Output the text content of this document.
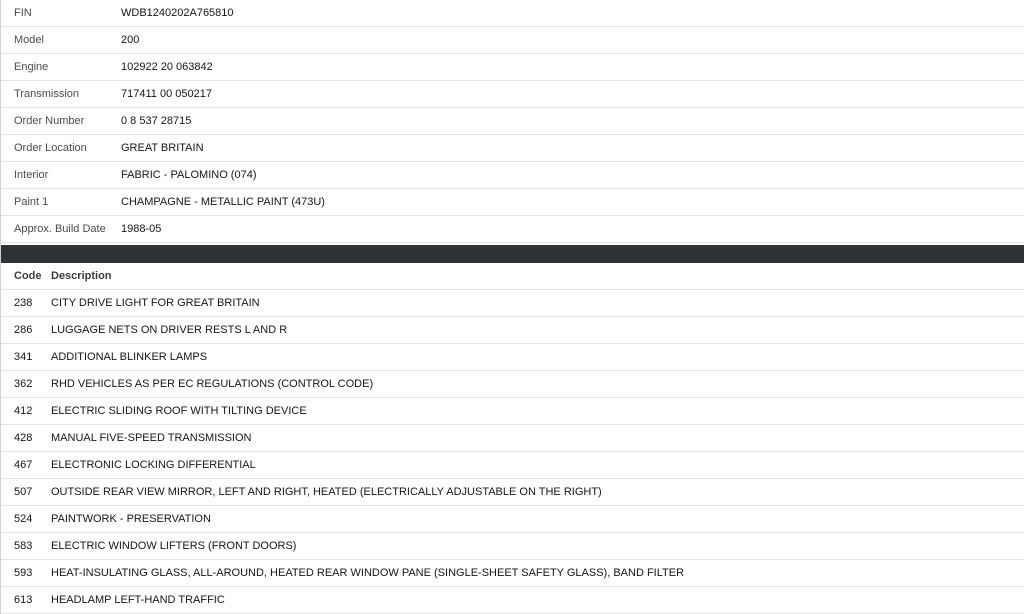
FIN	WDB1240202A765810
Model	200
Engine	102922 20 063842
Transmission	717411 00 050217
Order Number	0 8 537 28715
Order Location	GREAT BRITAIN
Interior	FABRIC - PALOMINO (074)
Paint 1	CHAMPAGNE - METALLIC PAINT (473U)
Approx. Build Date	1988-05
Code Description
238	CITY DRIVE LIGHT FOR GREAT BRITAIN
286	LUGGAGE NETS ON DRIVER RESTS L AND R
341	ADDITIONAL BLINKER LAMPS
362	RHD VEHICLES AS PER EC REGULATIONS (CONTROL CODE)
412	ELECTRIC SLIDING ROOF WITH TILTING DEVICE
428	MANUAL FIVE-SPEED TRANSMISSION
467	ELECTRONIC LOCKING DIFFERENTIAL
507	OUTSIDE REAR VIEW MIRROR, LEFT AND RIGHT, HEATED (ELECTRICALLY ADJUSTABLE ON THE RIGHT)
524	PAINTWORK - PRESERVATION
583	ELECTRIC WINDOW LIFTERS (FRONT DOORS)
593	HEAT-INSULATING GLASS, ALL-AROUND, HEATED REAR WINDOW PANE (SINGLE-SHEET SAFETY GLASS), BAND FILTER
613	HEADLAMP LEFT-HAND TRAFFIC
